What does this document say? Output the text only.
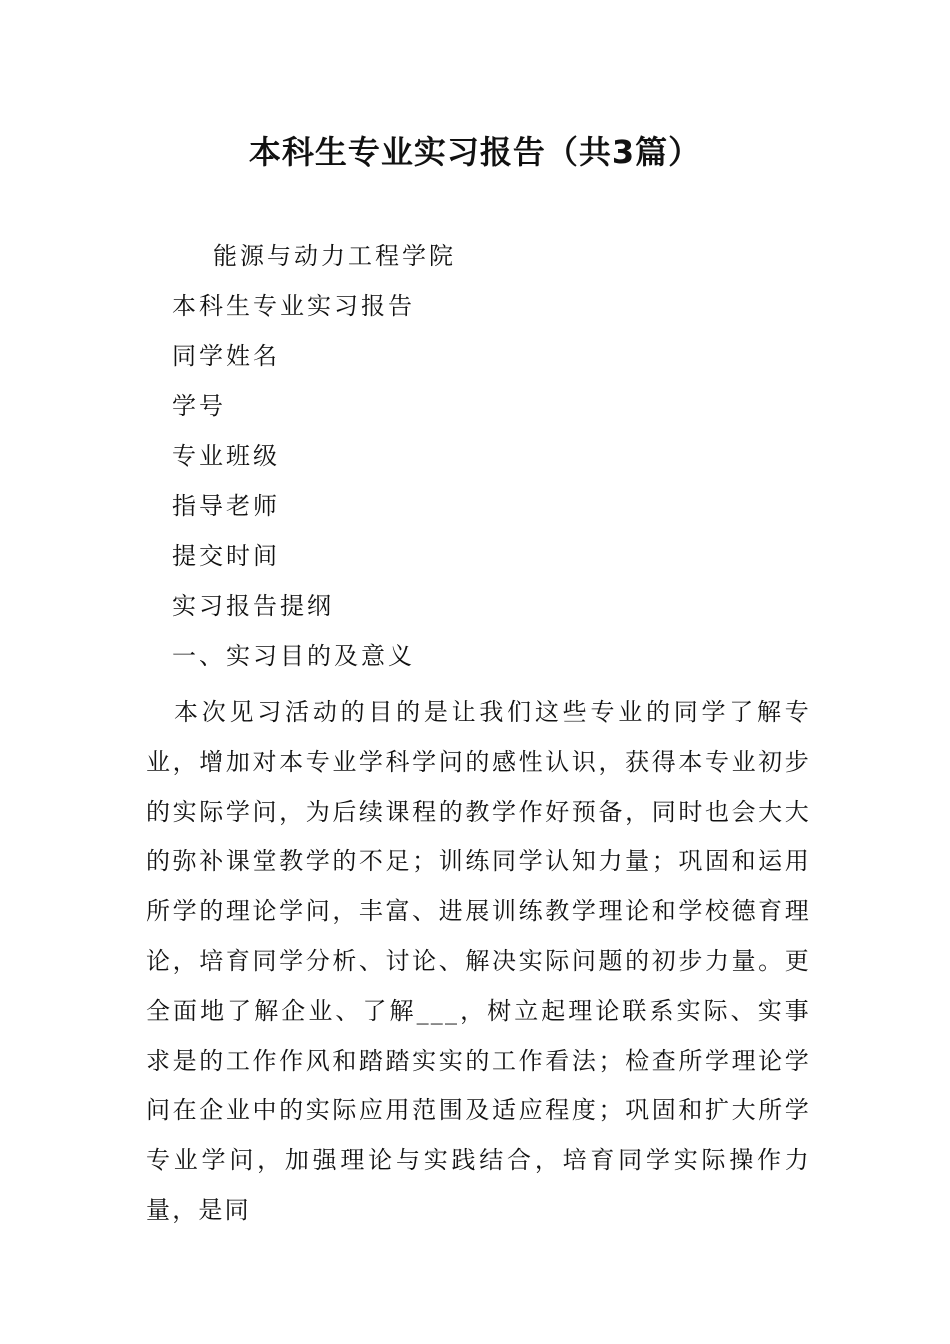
本科生专业实习报告（共3篇）

能源与动力工程学院

本科生专业实习报告

同学姓名

学号

专业班级

指导老师

提交时间

实习报告提纲

一、实习目的及意义

本次见习活动的目的是让我们这些专业的同学了解专业，增加对本专业学科学问的感性认识，获得本专业初步的实际学问，为后续课程的教学作好预备，同时也会大大的弥补课堂教学的不足；训练同学认知力量；巩固和运用所学的理论学问，丰富、进展训练教学理论和学校德育理论，培育同学分析、讨论、解决实际问题的初步力量。更全面地了解企业、了解___，树立起理论联系实际、实事求是的工作作风和踏踏实实的工作看法；检查所学理论学问在企业中的实际应用范围及适应程度；巩固和扩大所学专业学问，加强理论与实践结合，培育同学实际操作力量，是同
